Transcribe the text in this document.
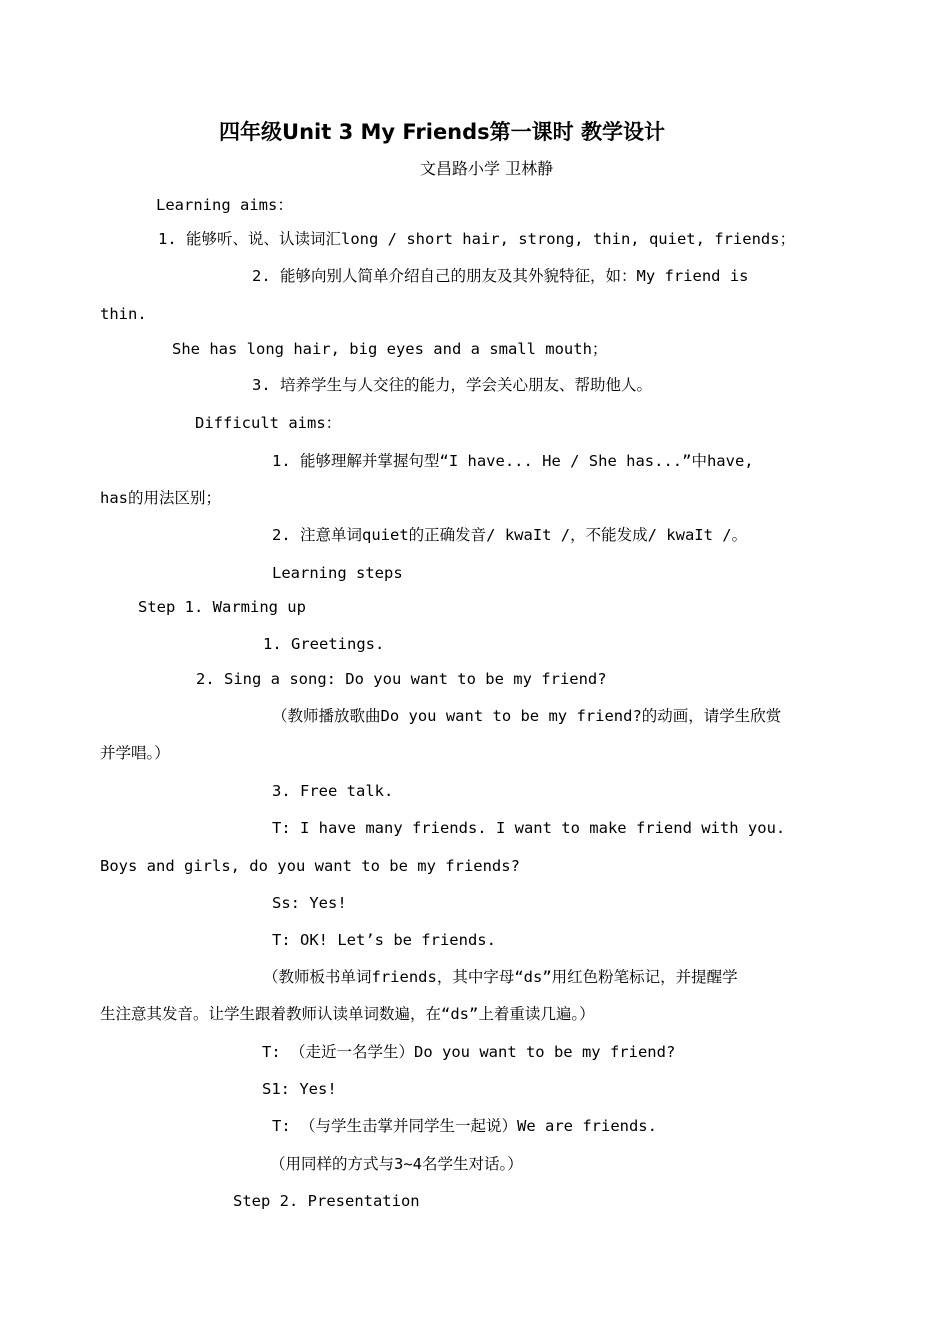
四年级Unit 3 My Friends第一课时 教学设计
文昌路小学 卫林静
Learning aims：
1. 能够听、说、认读词汇long / short hair, strong, thin, quiet, friends；
2. 能够向别人简单介绍自己的朋友及其外貌特征，如：My friend is
thin.
She has long hair, big eyes and a small mouth；
3. 培养学生与人交往的能力，学会关心朋友、帮助他人。
Difficult aims：
1. 能够理解并掌握句型“I have... He / She has...”中have,
has的用法区别；
2. 注意单词quiet的正确发音/ kwaIt /，不能发成/ kwaIt /。
Learning steps
Step 1. Warming up
1. Greetings.
2. Sing a song: Do you want to be my friend?
（教师播放歌曲Do you want to be my friend?的动画，请学生欣赏
并学唱。）
3. Free talk.
T: I have many friends. I want to make friend with you.
Boys and girls, do you want to be my friends?
Ss: Yes!
T: OK! Let’s be friends.
（教师板书单词friends，其中字母“ds”用红色粉笔标记，并提醒学
生注意其发音。让学生跟着教师认读单词数遍，在“ds”上着重读几遍。）
T: （走近一名学生）Do you want to be my friend?
S1: Yes!
T: （与学生击掌并同学生一起说）We are friends.
（用同样的方式与3~4名学生对话。）
Step 2. Presentation
